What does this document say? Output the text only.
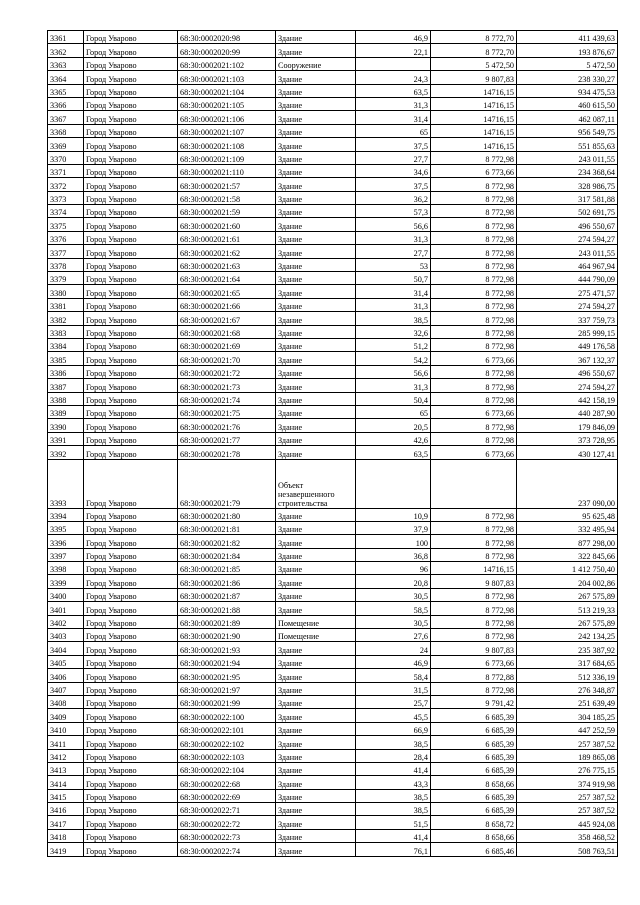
3361	Город Уварово	68:30:0002020:98	Здание	46,9	8 772,70	411 439,63
3362	Город Уварово	68:30:0002020:99	Здание	22,1	8 772,70	193 876,67
3363	Город Уварово	68:30:0002021:102	Сооружение		5 472,50	5 472,50
3364	Город Уварово	68:30:0002021:103	Здание	24,3	9 807,83	238 330,27
3365	Город Уварово	68:30:0002021:104	Здание	63,5	14716,15	934 475,53
3366	Город Уварово	68:30:0002021:105	Здание	31,3	14716,15	460 615,50
3367	Город Уварово	68:30:0002021:106	Здание	31,4	14716,15	462 087,11
3368	Город Уварово	68:30:0002021:107	Здание	65	14716,15	956 549,75
3369	Город Уварово	68:30:0002021:108	Здание	37,5	14716,15	551 855,63
3370	Город Уварово	68:30:0002021:109	Здание	27,7	8 772,98	243 011,55
3371	Город Уварово	68:30:0002021:110	Здание	34,6	6 773,66	234 368,64
3372	Город Уварово	68:30:0002021:57	Здание	37,5	8 772,98	328 986,75
3373	Город Уварово	68:30:0002021:58	Здание	36,2	8 772,98	317 581,88
3374	Город Уварово	68:30:0002021:59	Здание	57,3	8 772,98	502 691,75
3375	Город Уварово	68:30:0002021:60	Здание	56,6	8 772,98	496 550,67
3376	Город Уварово	68:30:0002021:61	Здание	31,3	8 772,98	274 594,27
3377	Город Уварово	68:30:0002021:62	Здание	27,7	8 772,98	243 011,55
3378	Город Уварово	68:30:0002021:63	Здание	53	8 772,98	464 967,94
3379	Город Уварово	68:30:0002021:64	Здание	50,7	8 772,98	444 790,09
3380	Город Уварово	68:30:0002021:65	Здание	31,4	8 772,98	275 471,57
3381	Город Уварово	68:30:0002021:66	Здание	31,3	8 772,98	274 594,27
3382	Город Уварово	68:30:0002021:67	Здание	38,5	8 772,98	337 759,73
3383	Город Уварово	68:30:0002021:68	Здание	32,6	8 772,98	285 999,15
3384	Город Уварово	68:30:0002021:69	Здание	51,2	8 772,98	449 176,58
3385	Город Уварово	68:30:0002021:70	Здание	54,2	6 773,66	367 132,37
3386	Город Уварово	68:30:0002021:72	Здание	56,6	8 772,98	496 550,67
3387	Город Уварово	68:30:0002021:73	Здание	31,3	8 772,98	274 594,27
3388	Город Уварово	68:30:0002021:74	Здание	50,4	8 772,98	442 158,19
3389	Город Уварово	68:30:0002021:75	Здание	65	6 773,66	440 287,90
3390	Город Уварово	68:30:0002021:76	Здание	20,5	8 772,98	179 846,09
3391	Город Уварово	68:30:0002021:77	Здание	42,6	8 772,98	373 728,95
3392	Город Уварово	68:30:0002021:78	Здание	63,5	6 773,66	430 127,41
3393	Город Уварово	68:30:0002021:79	Объект незавершенного строительства			237 090,00
3394	Город Уварово	68:30:0002021:80	Здание	10,9	8 772,98	95 625,48
3395	Город Уварово	68:30:0002021:81	Здание	37,9	8 772,98	332 495,94
3396	Город Уварово	68:30:0002021:82	Здание	100	8 772,98	877 298,00
3397	Город Уварово	68:30:0002021:84	Здание	36,8	8 772,98	322 845,66
3398	Город Уварово	68:30:0002021:85	Здание	96	14716,15	1 412 750,40
3399	Город Уварово	68:30:0002021:86	Здание	20,8	9 807,83	204 002,86
3400	Город Уварово	68:30:0002021:87	Здание	30,5	8 772,98	267 575,89
3401	Город Уварово	68:30:0002021:88	Здание	58,5	8 772,98	513 219,33
3402	Город Уварово	68:30:0002021:89	Помещение	30,5	8 772,98	267 575,89
3403	Город Уварово	68:30:0002021:90	Помещение	27,6	8 772,98	242 134,25
3404	Город Уварово	68:30:0002021:93	Здание	24	9 807,83	235 387,92
3405	Город Уварово	68:30:0002021:94	Здание	46,9	6 773,66	317 684,65
3406	Город Уварово	68:30:0002021:95	Здание	58,4	8 772,88	512 336,19
3407	Город Уварово	68:30:0002021:97	Здание	31,5	8 772,98	276 348,87
3408	Город Уварово	68:30:0002021:99	Здание	25,7	9 791,42	251 639,49
3409	Город Уварово	68:30:0002022:100	Здание	45,5	6 685,39	304 185,25
3410	Город Уварово	68:30:0002022:101	Здание	66,9	6 685,39	447 252,59
3411	Город Уварово	68:30:0002022:102	Здание	38,5	6 685,39	257 387,52
3412	Город Уварово	68:30:0002022:103	Здание	28,4	6 685,39	189 865,08
3413	Город Уварово	68:30:0002022:104	Здание	41,4	6 685,39	276 775,15
3414	Город Уварово	68:30:0002022:68	Здание	43,3	8 658,66	374 919,98
3415	Город Уварово	68:30:0002022:69	Здание	38,5	6 685,39	257 387,52
3416	Город Уварово	68:30:0002022:71	Здание	38,5	6 685,39	257 387,52
3417	Город Уварово	68:30:0002022:72	Здание	51,5	8 658,72	445 924,08
3418	Город Уварово	68:30:0002022:73	Здание	41,4	8 658,66	358 468,52
3419	Город Уварово	68:30:0002022:74	Здание	76,1	6 685,46	508 763,51
